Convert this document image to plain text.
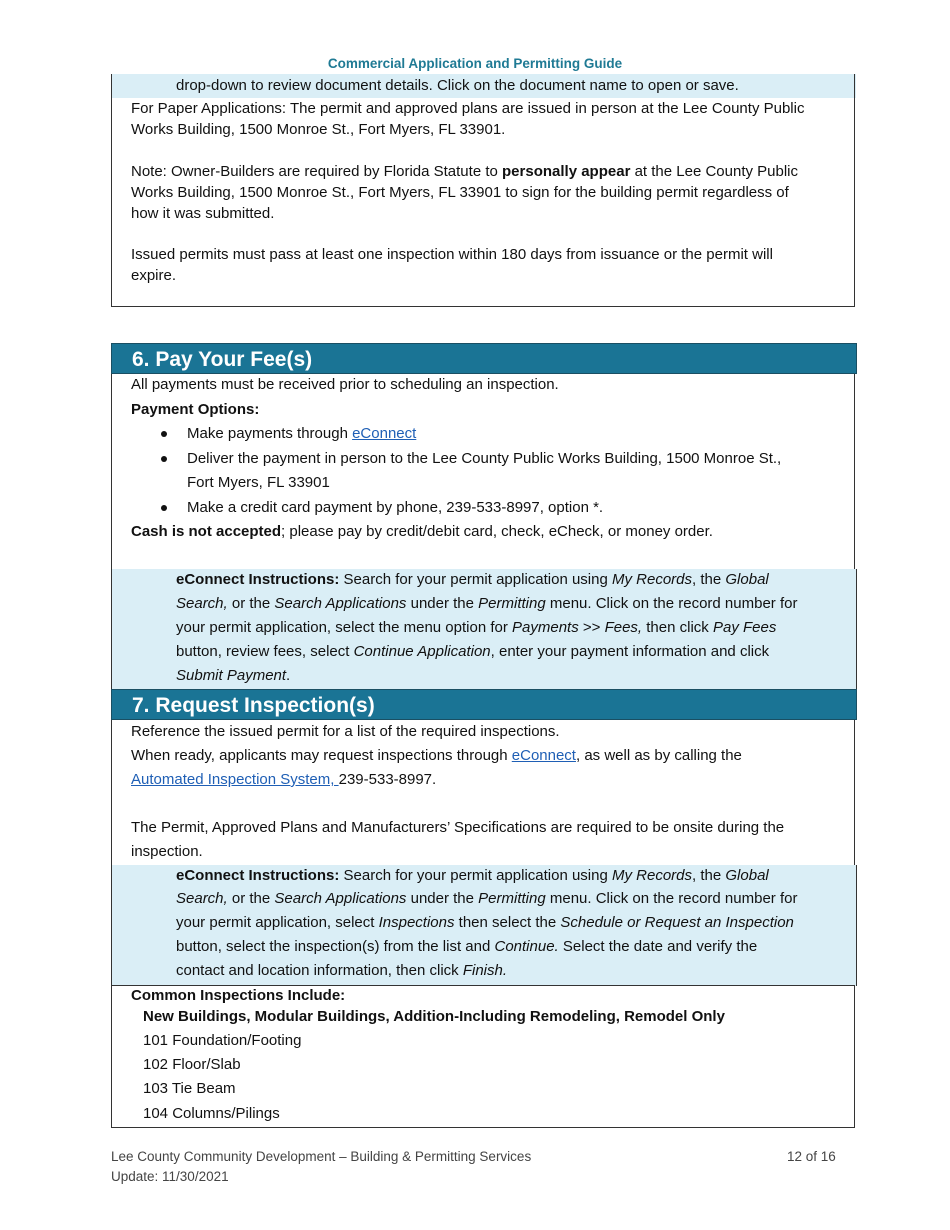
Commercial Application and Permitting Guide
drop-down to review document details. Click on the document name to open or save.
For Paper Applications: The permit and approved plans are issued in person at the Lee County Public
Works Building, 1500 Monroe St., Fort Myers, FL 33901.
Note: Owner-Builders are required by Florida Statute to personally appear at the Lee County Public
Works Building, 1500 Monroe St., Fort Myers, FL 33901 to sign for the building permit regardless of
how it was submitted.
Issued permits must pass at least one inspection within 180 days from issuance or the permit will
expire.
6. Pay Your Fee(s)
All payments must be received prior to scheduling an inspection.
Payment Options:
Make payments through eConnect
Deliver the payment in person to the Lee County Public Works Building, 1500 Monroe St.,
Fort Myers, FL 33901
Make a credit card payment by phone, 239-533-8997, option *.
Cash is not accepted; please pay by credit/debit card, check, eCheck, or money order.
eConnect Instructions: Search for your permit application using My Records, the Global
Search, or the Search Applications under the Permitting menu. Click on the record number for
your permit application, select the menu option for Payments >> Fees, then click Pay Fees
button, review fees, select Continue Application, enter your payment information and click
Submit Payment.
7. Request Inspection(s)
Reference the issued permit for a list of the required inspections.
When ready, applicants may request inspections through eConnect, as well as by calling the
Automated Inspection System, 239-533-8997.
The Permit, Approved Plans and Manufacturers’ Specifications are required to be onsite during the
inspection.
eConnect Instructions: Search for your permit application using My Records, the Global
Search, or the Search Applications under the Permitting menu. Click on the record number for
your permit application, select Inspections then select the Schedule or Request an Inspection
button, select the inspection(s) from the list and Continue. Select the date and verify the
contact and location information, then click Finish.
Common Inspections Include:
New Buildings, Modular Buildings, Addition-Including Remodeling, Remodel Only
101 Foundation/Footing
102 Floor/Slab
103 Tie Beam
104 Columns/Pilings
Lee County Community Development – Building & Permitting Services
Update: 11/30/2021
12 of 16
